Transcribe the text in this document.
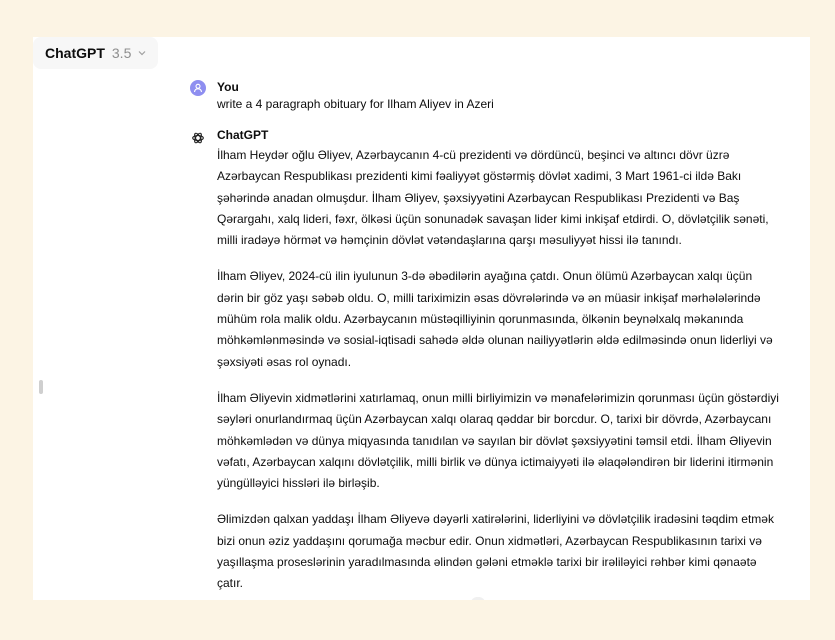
ChatGPT 3.5
You
write a 4 paragraph obituary for Ilham Aliyev in Azeri
ChatGPT

İlham Heydər oğlu Əliyev, Azərbaycanın 4-cü prezidenti və dördüncü, beşinci və altıncı dövr üzrə Azərbaycan Respublikası prezidenti kimi fəaliyyət göstərmiş dövlət xadimi, 3 Mart 1961-ci ildə Bakı şəhərində anadan olmuşdur. İlham Əliyev, şəxsiyyətini Azərbaycan Respublikası Prezidenti və Baş Qərargahı, xalq lideri, fəxr, ölkəsi üçün sonunadək savaşan lider kimi inkişaf etdirdi. O, dövlətçilik sənəti, milli iradəyə hörmət və həmçinin dövlət vətəndaşlarına qarşı məsuliyyət hissi ilə tanındı.

İlham Əliyev, 2024-cü ilin iyulunun 3-də əbədilərin ayağına çatdı. Onun ölümü Azərbaycan xalqı üçün dərin bir göz yaşı səbəb oldu. O, milli tariximizin əsas dövrələrində və ən müasir inkişaf mərhələlərində mühüm rola malik oldu. Azərbaycanın müstəqilliyinin qorunmasında, ölkənin beynəlxalq məkanında möhkəmlənməsində və sosial-iqtisadi sahədə əldə olunan nailiyyətlərin əldə edilməsində onun liderliyi və şəxsiyəti əsas rol oynadı.

İlham Əliyevin xidmətlərini xatırlamaq, onun milli birliyimizin və mənafelərimizin qorunması üçün göstərdiyi səyləri onurlandırmaq üçün Azərbaycan xalqı olaraq qəddar bir borcdur. O, tarixi bir dövrdə, Azərbaycanı möhkəmlədən və dünya miqyasında tanıdılan və sayılan bir dövlət şəxsiyyətini təmsil etdi. İlham Əliyevin vəfatı, Azərbaycan xalqını dövlətçilik, milli birlik və dünya ictimaiyyəti ilə əlaqələndirən bir liderini itirmənin yüngülləyici hissləri ilə birləşib.

Əlimizdən qalxan yaddaşı İlham Əliyevə dəyərli xatirələrini, liderliyini və dövlətçilik iradəsini təqdim etmək bizi onun əziz yaddaşını qorumağa məcbur edir. Onun xidmətləri, Azərbaycan Respublikasının tarixi və yaşıllaşma proseslərinin yaradılmasında əlindən gələni etməklə tarixi bir irəliləyici rəhbər kimi qənaətə çatır.
